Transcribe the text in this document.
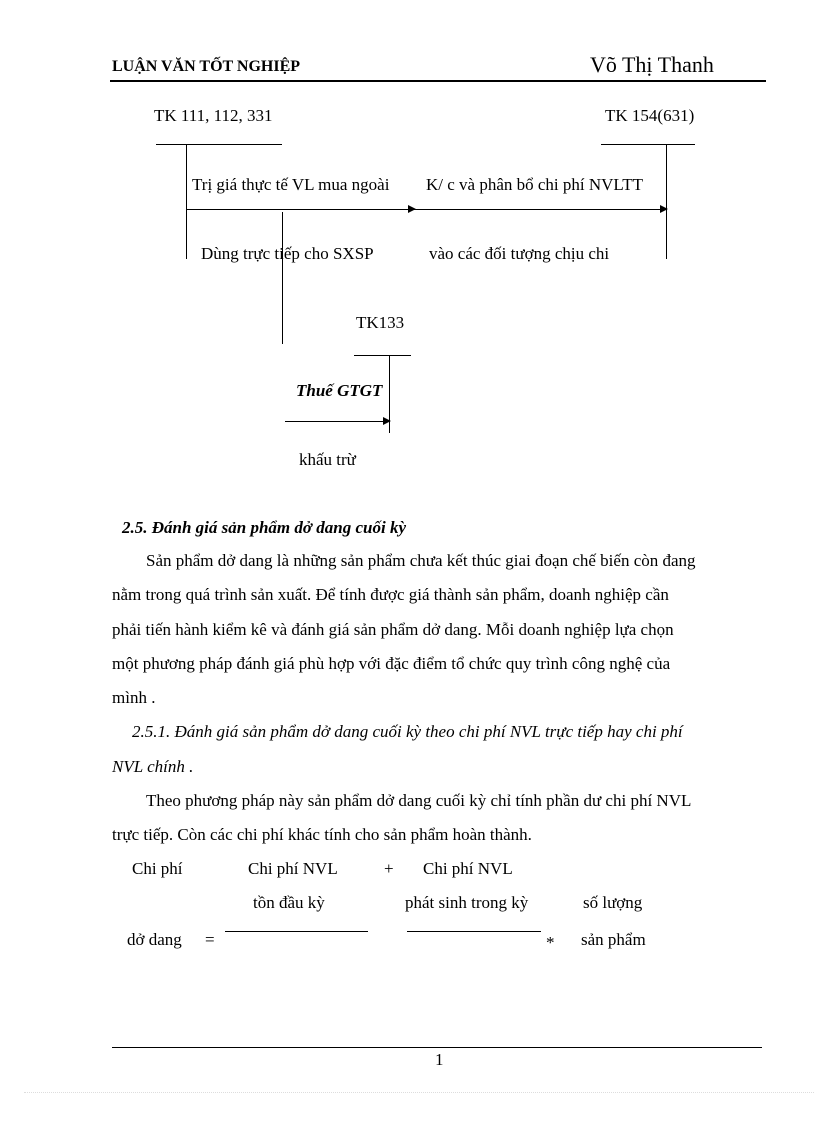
LUẬN VĂN TỐT NGHIỆP	Võ Thị Thanh
TK 111, 112, 331	TK 154(631)
Trị giá thực tế VL mua ngoài K/ c và phân bổ chi phí NVLTT
Dùng trực tiếp cho SXSP	vào các đối tượng chịu chi
TK133
Thuế GTGT
khấu trừ
2.5. Đánh giá sản phẩm dở dang cuối kỳ
Sản phẩm dở dang là những sản phẩm chưa kết thúc giai đoạn chế biến còn đang
nằm trong quá trình sản xuất. Để tính được giá thành sản phẩm, doanh nghiệp cần
phải tiến hành kiểm kê và đánh giá sản phẩm dở dang. Mỗi doanh nghiệp lựa chọn
một phương pháp đánh giá phù hợp với đặc điểm tổ chức quy trình công nghệ của
mình .
2.5.1. Đánh giá sản phẩm dở dang cuối kỳ theo chi phí NVL trực tiếp hay chi phí
NVL chính .
Theo phương pháp này sản phẩm dở dang cuối kỳ chỉ tính phần dư chi phí NVL
trực tiếp. Còn các chi phí khác tính cho sản phẩm hoàn thành.
Chi phí	Chi phí NVL	+ Chi phí NVL
tồn đầu kỳ	phát sinh trong kỳ	số lượng
dở dang =	* sản phẩm
1
